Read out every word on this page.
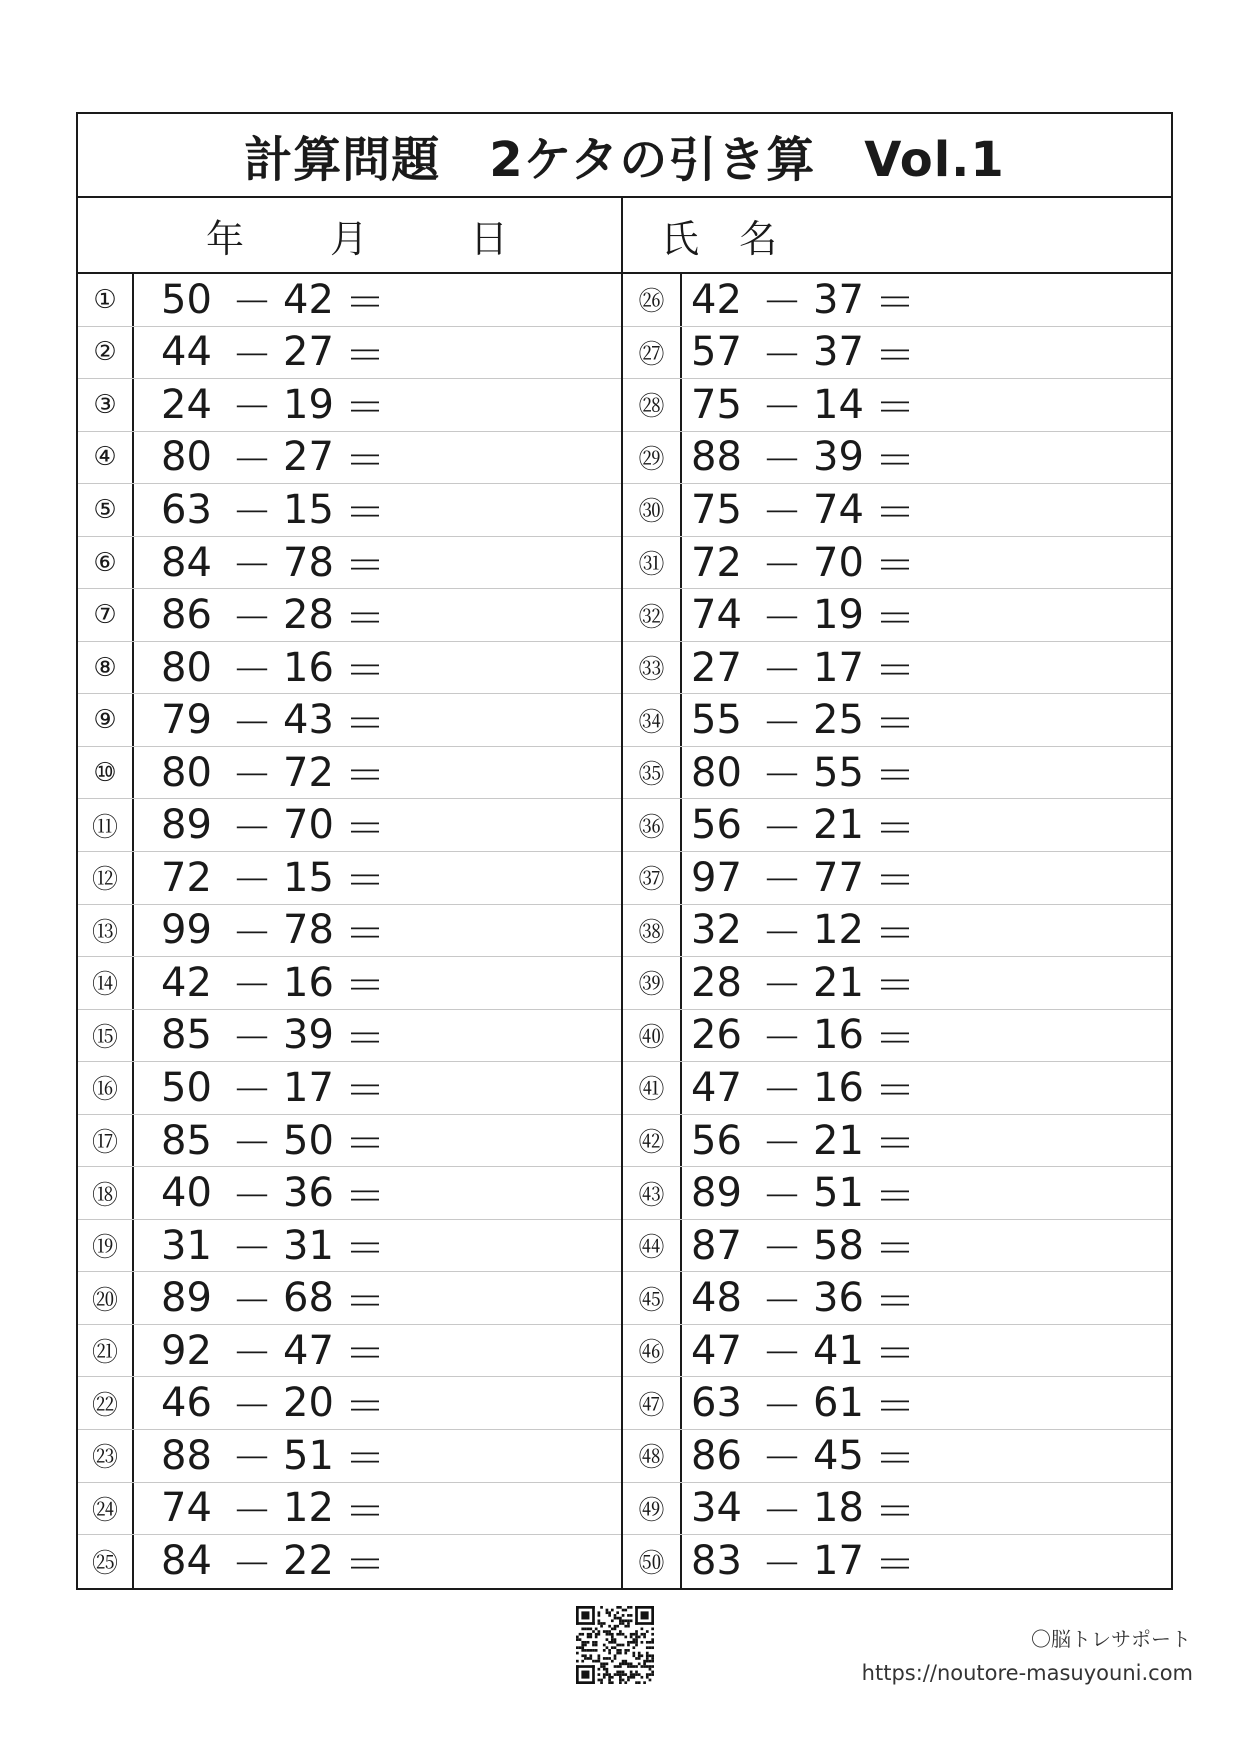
計算問題　2ケタの引き算　Vol.1
年	月	日	氏 名
①	50 － 42 ＝
②	44 － 27 ＝
③	24 － 19 ＝
④	80 － 27 ＝
⑤	63 － 15 ＝
⑥	84 － 78 ＝
⑦	86 － 28 ＝
⑧	80 － 16 ＝
⑨	79 － 43 ＝
⑩	80 － 72 ＝
⑪	89 － 70 ＝
⑫	72 － 15 ＝
⑬	99 － 78 ＝
⑭	42 － 16 ＝
⑮	85 － 39 ＝
⑯	50 － 17 ＝
⑰	85 － 50 ＝
⑱	40 － 36 ＝
⑲	31 － 31 ＝
⑳	89 － 68 ＝
㉑	92 － 47 ＝
㉒	46 － 20 ＝
㉓	88 － 51 ＝
㉔	74 － 12 ＝
㉕	84 － 22 ＝
㉖ 42 － 37 ＝
㉗ 57 － 37 ＝
㉘ 75 － 14 ＝
㉙ 88 － 39 ＝
㉚ 75 － 74 ＝
㉛ 72 － 70 ＝
㉜ 74 － 19 ＝
㉝ 27 － 17 ＝
㉞ 55 － 25 ＝
㉟ 80 － 55 ＝
㊱ 56 － 21 ＝
㊲ 97 － 77 ＝
㊳ 32 － 12 ＝
㊴ 28 － 21 ＝
㊵ 26 － 16 ＝
㊶ 47 － 16 ＝
㊷ 56 － 21 ＝
㊸ 89 － 51 ＝
㊹ 87 － 58 ＝
㊺ 48 － 36 ＝
㊻ 47 － 41 ＝
㊼ 63 － 61 ＝
㊽ 86 － 45 ＝
㊾ 34 － 18 ＝
㊿ 83 － 17 ＝
〇脳トレサポート
https://noutore-masuyouni.com
